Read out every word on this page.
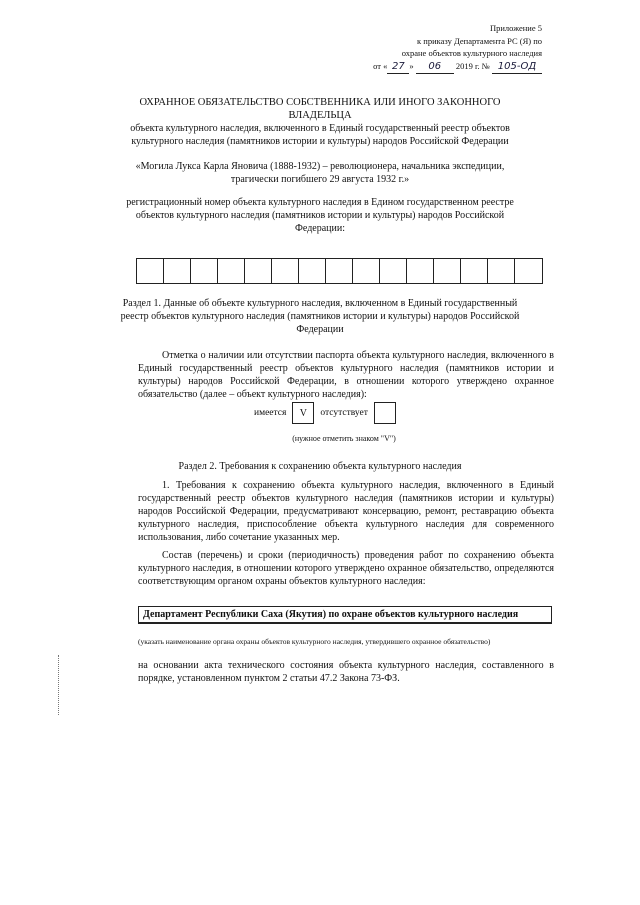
Приложение 5
к приказу Департамента РС (Я) по
охране объектов культурного наследия
от « 27 » 06 2019 г. № 105-ОД
ОХРАННОЕ ОБЯЗАТЕЛЬСТВО СОБСТВЕННИКА ИЛИ ИНОГО ЗАКОННОГО ВЛАДЕЛЬЦА
объекта культурного наследия, включенного в Единый государственный реестр объектов культурного наследия (памятников истории и культуры) народов Российской Федерации
«Могила Лукса Карла Яновича (1888-1932) – революционера, начальника экспедиции, трагически погибшего 29 августа 1932 г.»
регистрационный номер объекта культурного наследия в Едином государственном реестре объектов культурного наследия (памятников истории и культуры) народов Российской Федерации:
Раздел 1. Данные об объекте культурного наследия, включенном в Единый государственный реестр объектов культурного наследия (памятников истории и культуры) народов Российской Федерации
Отметка о наличии или отсутствии паспорта объекта культурного наследия, включенного в Единый государственный реестр объектов культурного наследия (памятников истории и культуры) народов Российской Федерации, в отношении которого утверждено охранное обязательство (далее – объект культурного наследия):
имеется	V	отсутствует
(нужное отметить знаком "V")
Раздел 2. Требования к сохранению объекта культурного наследия
1. Требования к сохранению объекта культурного наследия, включенного в Единый государственный реестр объектов культурного наследия (памятников истории и культуры) народов Российской Федерации, предусматривают консервацию, ремонт, реставрацию объекта культурного наследия, приспособление объекта культурного наследия для современного использования, либо сочетание указанных мер.
Состав (перечень) и сроки (периодичность) проведения работ по сохранению объекта культурного наследия, в отношении которого утверждено охранное обязательство, определяются соответствующим органом охраны объектов культурного наследия:
Департамент Республики Саха (Якутия) по охране объектов культурного наследия
(указать наименование органа охраны объектов культурного наследия, утвердившего охранное обязательство)
на основании акта технического состояния объекта культурного наследия, составленного в порядке, установленном пунктом 2 статьи 47.2 Закона 73-ФЗ.
